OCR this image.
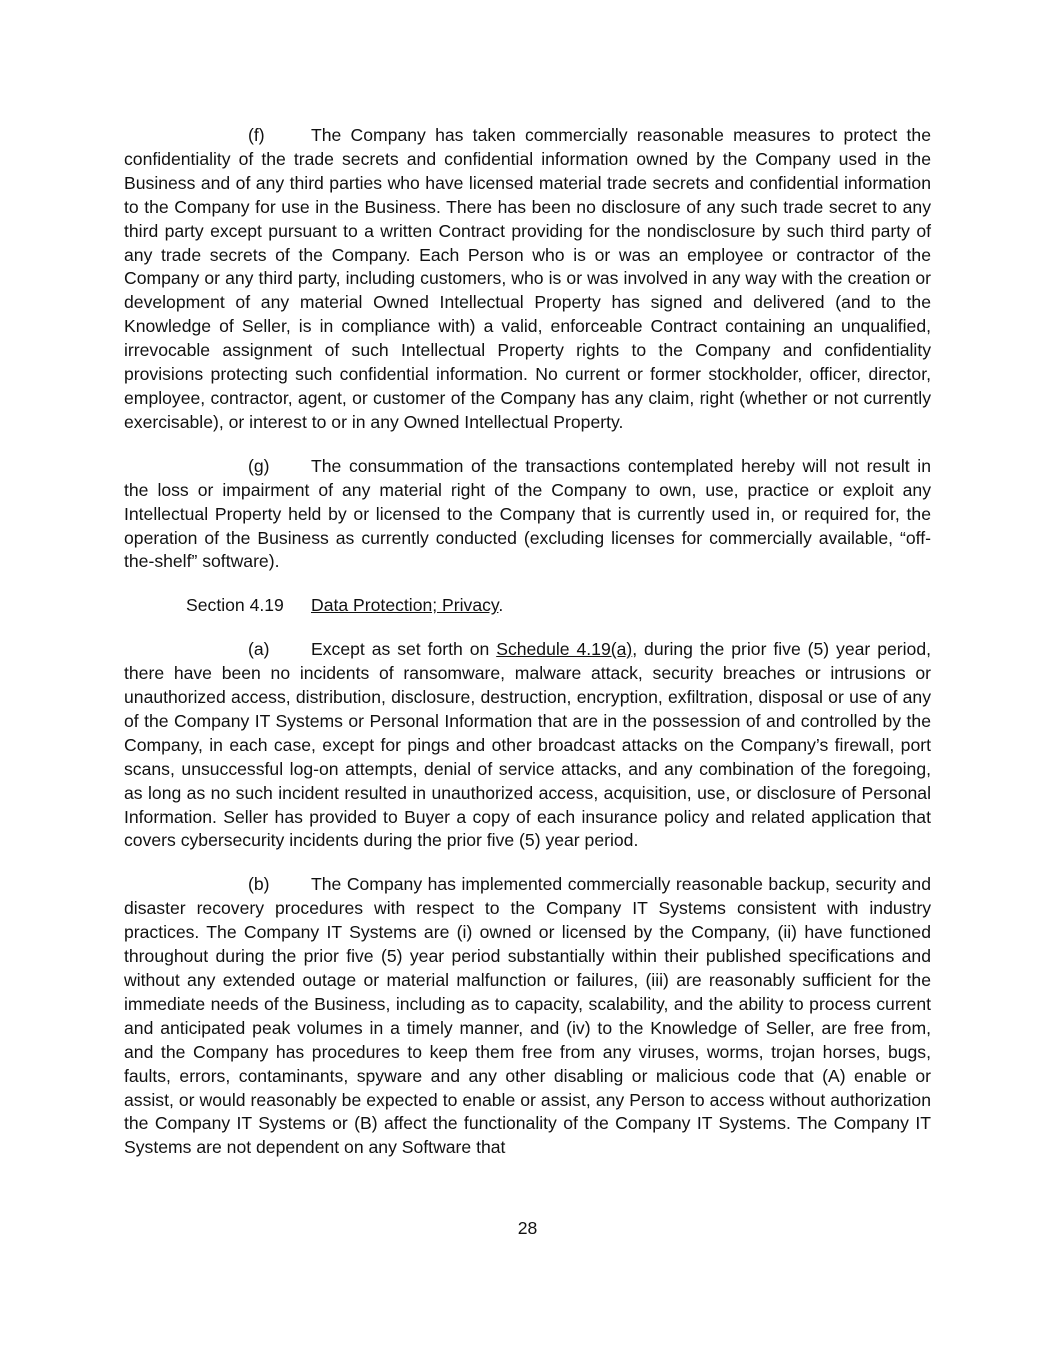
(f)	The Company has taken commercially reasonable measures to protect the confidentiality of the trade secrets and confidential information owned by the Company used in the Business and of any third parties who have licensed material trade secrets and confidential information to the Company for use in the Business. There has been no disclosure of any such trade secret to any third party except pursuant to a written Contract providing for the nondisclosure by such third party of any trade secrets of the Company. Each Person who is or was an employee or contractor of the Company or any third party, including customers, who is or was involved in any way with the creation or development of any material Owned Intellectual Property has signed and delivered (and to the Knowledge of Seller, is in compliance with) a valid, enforceable Contract containing an unqualified, irrevocable assignment of such Intellectual Property rights to the Company and confidentiality provisions protecting such confidential information. No current or former stockholder, officer, director, employee, contractor, agent, or customer of the Company has any claim, right (whether or not currently exercisable), or interest to or in any Owned Intellectual Property.

(g) The consummation of the transactions contemplated hereby will not result in the loss or impairment of any material right of the Company to own, use, practice or exploit any Intellectual Property held by or licensed to the Company that is currently used in, or required for, the operation of the Business as currently conducted (excluding licenses for commercially available, “off-the-shelf” software).

Section 4.19 Data Protection; Privacy.

(a) Except as set forth on Schedule 4.19(a), during the prior five (5) year period, there have been no incidents of ransomware, malware attack, security breaches or intrusions or unauthorized access, distribution, disclosure, destruction, encryption, exfiltration, disposal or use of any of the Company IT Systems or Personal Information that are in the possession of and controlled by the Company, in each case, except for pings and other broadcast attacks on the Company’s firewall, port scans, unsuccessful log-on attempts, denial of service attacks, and any combination of the foregoing, as long as no such incident resulted in unauthorized access, acquisition, use, or disclosure of Personal Information. Seller has provided to Buyer a copy of each insurance policy and related application that covers cybersecurity incidents during the prior five (5) year period.

(b) The Company has implemented commercially reasonable backup, security and disaster recovery procedures with respect to the Company IT Systems consistent with industry practices. The Company IT Systems are (i) owned or licensed by the Company, (ii) have functioned throughout during the prior five (5) year period substantially within their published specifications and without any extended outage or material malfunction or failures, (iii) are reasonably sufficient for the immediate needs of the Business, including as to capacity, scalability, and the ability to process current and anticipated peak volumes in a timely manner, and (iv) to the Knowledge of Seller, are free from, and the Company has procedures to keep them free from any viruses, worms, trojan horses, bugs, faults, errors, contaminants, spyware and any other disabling or malicious code that (A) enable or assist, or would reasonably be expected to enable or assist, any Person to access without authorization the Company IT Systems or (B) affect the functionality of the Company IT Systems. The Company IT Systems are not dependent on any Software that

28
